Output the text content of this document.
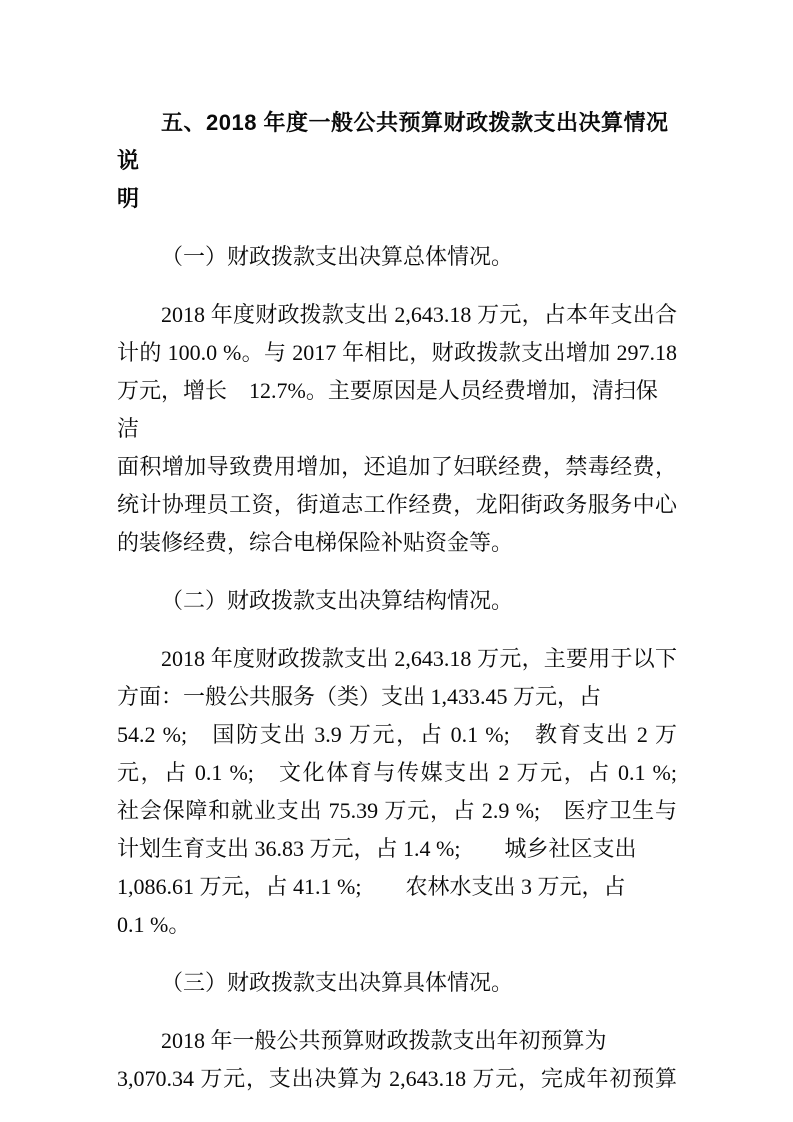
五、2018 年度一般公共预算财政拨款支出决算情况说
明
（一）财政拨款支出决算总体情况。
2018 年度财政拨款支出 2,643.18 万元，占本年支出合
计的 100.0 %。与 2017 年相比，财政拨款支出增加 297.18
万元，增长　12.7%。主要原因是人员经费增加，清扫保洁
面积增加导致费用增加，还追加了妇联经费，禁毒经费，
统计协理员工资，街道志工作经费，龙阳街政务服务中心
的装修经费，综合电梯保险补贴资金等。
（二）财政拨款支出决算结构情况。
2018 年度财政拨款支出 2,643.18 万元，主要用于以下
方面：一般公共服务（类）支出 1,433.45 万元，占
54.2 %;　国防支出 3.9 万元，占 0.1 %;　教育支出 2 万
元，占 0.1 %;　文化体育与传媒支出 2 万元，占 0.1 %;
社会保障和就业支出 75.39 万元，占 2.9 %;　医疗卫生与
计划生育支出 36.83 万元，占 1.4 %;　　城乡社区支出
1,086.61 万元，占 41.1 %;　　农林水支出 3 万元，占
0.1 %。
（三）财政拨款支出决算具体情况。
2018 年一般公共预算财政拨款支出年初预算为
3,070.34 万元，支出决算为 2,643.18 万元，完成年初预算
